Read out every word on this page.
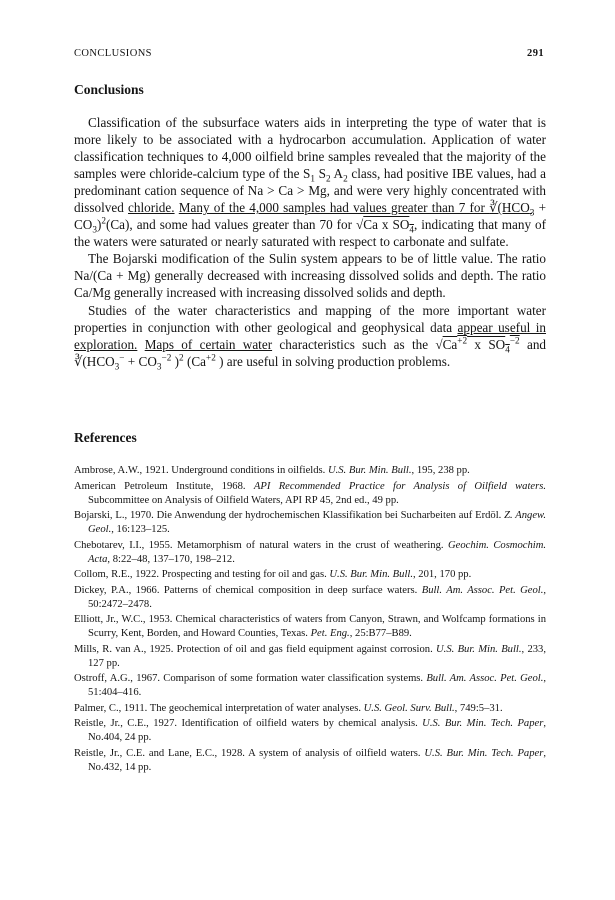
CONCLUSIONS	291
Conclusions

Classification of the subsurface waters aids in interpreting the type of water that is more likely to be associated with a hydrocarbon accumulation. Application of water classification techniques to 4,000 oilfield brine samples revealed that the majority of the samples were chloride-calcium type of the $S_1$ $S_2$ $A_2$ class, had positive IBE values, had a predominant cation sequence of Na > Ca > Mg, and were very highly concentrated with dissolved chloride. Many of the 4,000 samples had values greater than 7 for $∛(HCO_3 + CO_3)^2(Ca)$, and some had values greater than 70 for √Ca x $SO_4$, indicating that many of the waters were saturated or nearly saturated with respect to carbonate and sulfate.

The Bojarski modification of the Sulin system appears to be of little value. The ratio Na/(Ca + Mg) generally decreased with increasing dissolved solids and depth. The ratio Ca/Mg generally increased with increasing dissolved solids and depth.

Studies of the water characteristics and mapping of the more important water properties in conjunction with other geological and geophysical data appear useful in exploration. Maps of certain water characteristics such as the $√Ca^{+2}$ x $SO_4^{-2}$ and $∛(HCO_3^- + CO_3^{-2}$ )$^2$ ($Ca^{+2}$ ) are useful in solving production problems.

References

Ambrose, A.W., 1921. Underground conditions in oilfields. U.S. Bur. Min. Bull., 195, 238 pp.

American Petroleum Institute, 1968. API Recommended Practice for Analysis of Oilfield waters. Subcommittee on Analysis of Oilfield Waters, API RP 45, 2nd ed., 49 pp.

Bojarski, L., 1970. Die Anwendung der hydrochemischen Klassifikation bei Sucharbeiten auf Erdöl. Z. Angew. Geol., 16:123–125.

Chebotarev, I.I., 1955. Metamorphism of natural waters in the crust of weathering. Geochim. Cosmochim. Acta, 8:22–48, 137–170, 198–212.

Collom, R.E., 1922. Prospecting and testing for oil and gas. U.S. Bur. Min. Bull., 201, 170 pp.

Dickey, P.A., 1966. Patterns of chemical composition in deep surface waters. Bull. Am. Assoc. Pet. Geol., 50:2472–2478.

Elliott, Jr., W.C., 1953. Chemical characteristics of waters from Canyon, Strawn, and Wolfcamp formations in Scurry, Kent, Borden, and Howard Counties, Texas. Pet. Eng., 25:B77–B89.

Mills, R. van A., 1925. Protection of oil and gas field equipment against corrosion. U.S. Bur. Min. Bull., 233, 127 pp.

Ostroff, A.G., 1967. Comparison of some formation water classification systems. Bull. Am. Assoc. Pet. Geol., 51:404–416.

Palmer, C., 1911. The geochemical interpretation of water analyses. U.S. Geol. Surv. Bull., 749:5–31.

Reistle, Jr., C.E., 1927. Identification of oilfield waters by chemical analysis. U.S. Bur. Min. Tech. Paper, No.404, 24 pp.

Reistle, Jr., C.E. and Lane, E.C., 1928. A system of analysis of oilfield waters. U.S. Bur. Min. Tech. Paper, No.432, 14 pp.
